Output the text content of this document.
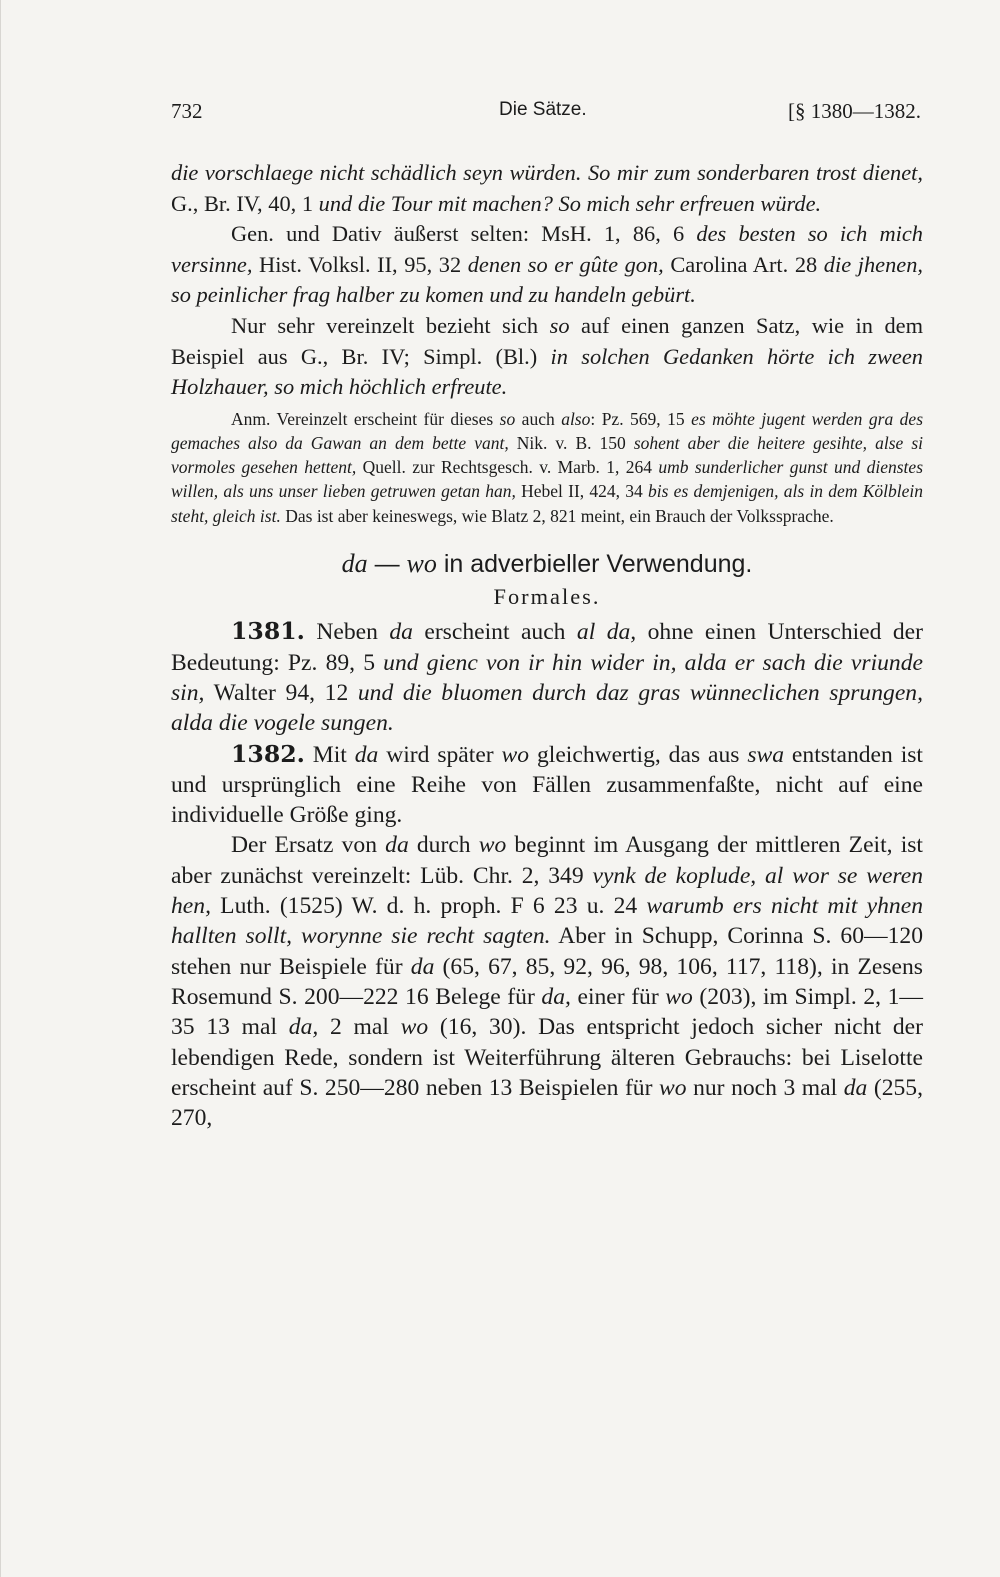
732	Die Sätze.	[§ 1380—1382.

die vorschlaege nicht schädlich seyn würden. So mir zum sonderbaren trost dienet, G., Br. IV, 40, 1 und die Tour mit machen? So mich sehr erfreuen würde.

Gen. und Dativ äußerst selten: MsH. 1, 86, 6 des besten so ich mich versinne, Hist. Volksl. II, 95, 32 denen so er gûte gon, Carolina Art. 28 die jhenen, so peinlicher frag halber zu komen und zu handeln gebürt.

Nur sehr vereinzelt bezieht sich so auf einen ganzen Satz, wie in dem Beispiel aus G., Br. IV; Simpl. (Bl.) in solchen Gedanken hörte ich zween Holzhauer, so mich höchlich erfreute.

Anm. Vereinzelt erscheint für dieses so auch also: Pz. 569, 15 es möhte jugent werden gra des gemaches also da Gawan an dem bette vant, Nik. v. B. 150 sohent aber die heitere gesihte, alse si vormoles gesehen hettent, Quell. zur Rechtsgesch. v. Marb. 1, 264 umb sunderlicher gunst und dienstes willen, als uns unser lieben getruwen getan han, Hebel II, 424, 34 bis es demjenigen, als in dem Kölblein steht, gleich ist. Das ist aber keineswegs, wie Blatz 2, 821 meint, ein Brauch der Volkssprache.

da — wo in adverbieller Verwendung.

Formales.

1381. Neben da erscheint auch al da, ohne einen Unterschied der Bedeutung: Pz. 89, 5 und gienc von ir hin wider in, alda er sach die vriunde sin, Walter 94, 12 und die bluomen durch daz gras wünneclichen sprungen, alda die vogele sungen.

1382. Mit da wird später wo gleichwertig, das aus swa entstanden ist und ursprünglich eine Reihe von Fällen zusammenfaßte, nicht auf eine individuelle Größe ging.

Der Ersatz von da durch wo beginnt im Ausgang der mittleren Zeit, ist aber zunächst vereinzelt: Lüb. Chr. 2, 349 vynk de koplude, al wor se weren hen, Luth. (1525) W. d. h. proph. F 6 23 u. 24 warumb ers nicht mit yhnen hallten sollt, worynne sie recht sagten. Aber in Schupp, Corinna S. 60—120 stehen nur Beispiele für da (65, 67, 85, 92, 96, 98, 106, 117, 118), in Zesens Rosemund S. 200—222 16 Belege für da, einer für wo (203), im Simpl. 2, 1—35 13 mal da, 2 mal wo (16, 30). Das entspricht jedoch sicher nicht der lebendigen Rede, sondern ist Weiterführung älteren Gebrauchs: bei Liselotte erscheint auf S. 250—280 neben 13 Beispielen für wo nur noch 3 mal da (255, 270,
